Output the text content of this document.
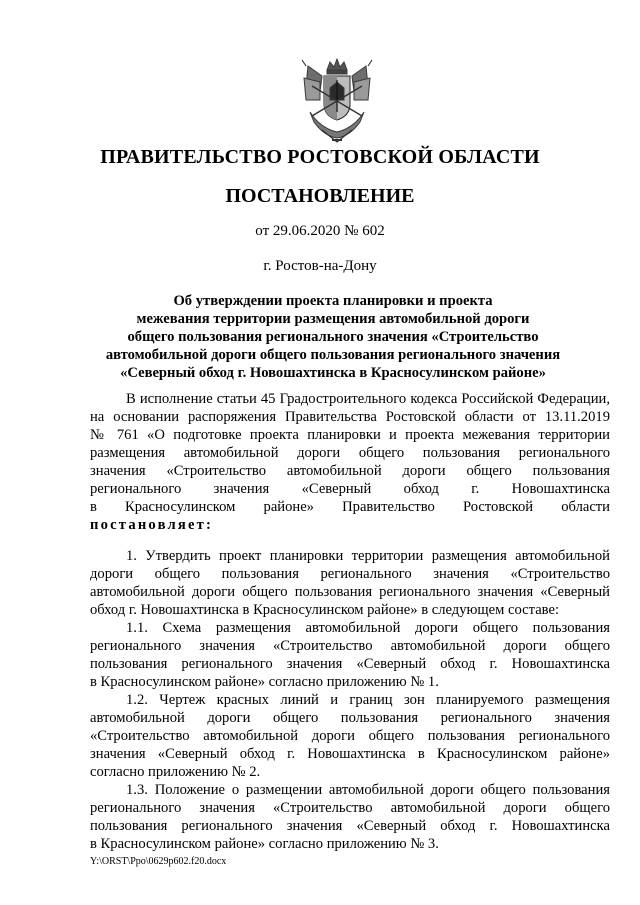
ПРАВИТЕЛЬСТВО РОСТОВСКОЙ ОБЛАСТИ
ПОСТАНОВЛЕНИЕ
от 29.06.2020 № 602
г. Ростов-на-Дону
Об утверждении проекта планировки и проекта
межевания территории размещения автомобильной дороги
общего пользования регионального значения «Строительство
автомобильной дороги общего пользования регионального значения
«Северный обход г. Новошахтинска в Красносулинском районе»
В исполнение статьи 45 Градостроительного кодекса Российской Федерации,
на основании распоряжения Правительства Ростовской области от 13.11.2019
№ 761 «О подготовке проекта планировки и проекта межевания территории
размещения автомобильной дороги общего пользования регионального
значения «Строительство автомобильной дороги общего пользования
регионального значения «Северный обход г. Новошахтинска
в Красносулинском районе» Правительство Ростовской области
постановляет:
1. Утвердить проект планировки территории размещения автомобильной
дороги общего пользования регионального значения «Строительство
автомобильной дороги общего пользования регионального значения «Северный
обход г. Новошахтинска в Красносулинском районе» в следующем составе:
1.1. Схема размещения автомобильной дороги общего пользования
регионального значения «Строительство автомобильной дороги общего
пользования регионального значения «Северный обход г. Новошахтинска
в Красносулинском районе» согласно приложению № 1.
1.2. Чертеж красных линий и границ зон планируемого размещения
автомобильной дороги общего пользования регионального значения
«Строительство автомобильной дороги общего пользования регионального
значения «Северный обход г. Новошахтинска в Красносулинском районе»
согласно приложению № 2.
1.3. Положение о размещении автомобильной дороги общего пользования
регионального значения «Строительство автомобильной дороги общего
пользования регионального значения «Северный обход г. Новошахтинска
в Красносулинском районе» согласно приложению № 3.
Y:\ORST\Ppo\0629p602.f20.docx
